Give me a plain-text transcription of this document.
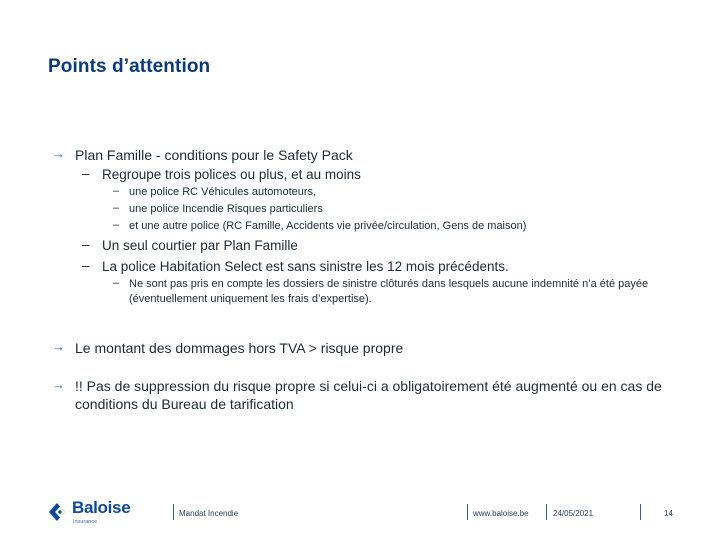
Points d’attention
→ Plan Famille - conditions pour le Safety Pack
– Regroupe trois polices ou plus, et au moins
– une police RC Véhicules automoteurs,
– une police Incendie Risques particuliers
– et une autre police (RC Famille, Accidents vie privée/circulation, Gens de maison)
– Un seul courtier par Plan Famille
– La police Habitation Select est sans sinistre les 12 mois précédents.
– Ne sont pas pris en compte les dossiers de sinistre clôturés dans lesquels aucune indemnité n’a été payée (éventuellement uniquement les frais d’expertise).
→ Le montant des dommages hors TVA > risque propre
→ !! Pas de suppression du risque propre si celui-ci a obligatoirement été augmenté ou en cas de conditions du Bureau de tarification
Baloise
Insurance
Mandat Incendie	www.baloise.be	24/05/2021	14
